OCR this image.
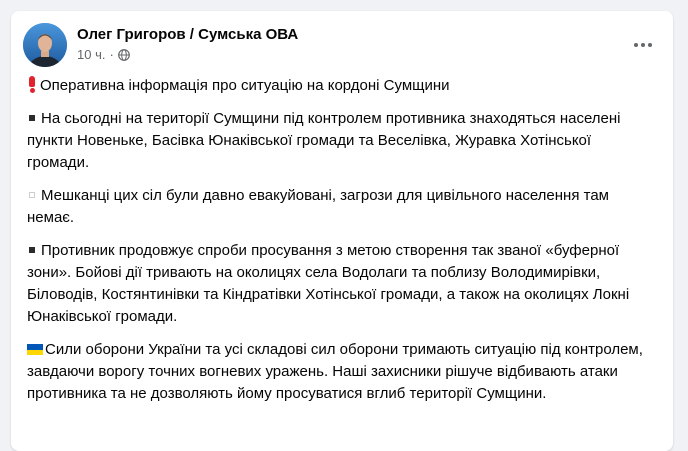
Олег Григоров / Сумська ОВА
10 ч. ·

Оперативна інформація про ситуацію на кордоні Сумщини

На сьогодні на території Сумщини під контролем противника знаходяться населені пункти Новеньке, Басівка Юнаківської громади та Веселівка, Журавка Хотінської громади.

Мешканці цих сіл були давно евакуйовані, загрози для цивільного населення там немає.

Противник продовжує спроби просування з метою створення так званої «буферної зони». Бойові дії тривають на околицях села Водолаги та поблизу Володимирівки, Біловодів, Костянтинівки та Кіндратівки Хотінської громади, а також на околицях Локні Юнаківської громади.

Сили оборони України та усі складові сил оборони тримають ситуацію під контролем, завдаючи ворогу точних вогневих уражень. Наші захисники рішуче відбивають атаки противника та не дозволяють йому просуватися вглиб території Сумщини.
